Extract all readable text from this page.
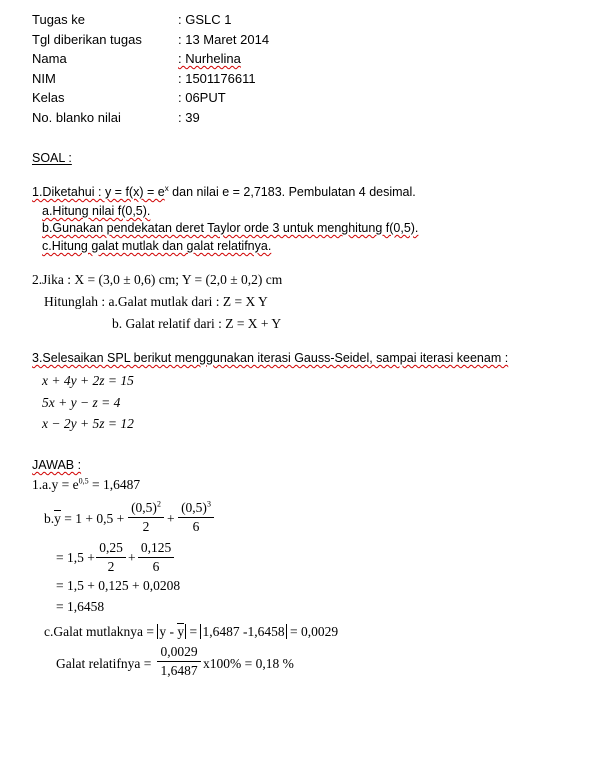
Tugas ke	: GSLC 1
Tgl diberikan tugas	: 13 Maret 2014
Nama	: Nurhelina
NIM	: 1501176611
Kelas	: 06PUT
No. blanko nilai	: 39
SOAL :
1.Diketahui : $y = f(x) = e^x$ dan nilai e = 2,7183. Pembulatan 4 desimal.
a.Hitung nilai f(0,5).
b.Gunakan pendekatan deret Taylor orde 3 untuk menghitung f(0,5).
c.Hitung galat mutlak dan galat relatifnya.
2.Jika : X = (3,0 ± 0,6) cm; Y = (2,0 ± 0,2) cm
Hitunglah : a.Galat mutlak dari : Z = X Y
b. Galat relatif dari : Z = X + Y
3.Selesaikan SPL berikut menggunakan iterasi Gauss-Seidel, sampai iterasi keenam :
x + 4y + 2z = 15
5x + y − z = 4
x − 2y + 5z = 12
JAWAB :
$1.a.y = e^{0,5} = 1,6487$
b.y = 1 + 0,5 +
$(0,5)^2$
2	+
$(0,5)^3$
6
= 1,5 +
0,25
2
+
0,125
6
= 1,5 + 0,125 + 0,0208
= 1,6458
c.Galat mutlaknya = y - y = 1,6487 -1,6458 = 0,0029
Galat relatifnya =
0,0029
1,6487 x100% = 0,18 %
